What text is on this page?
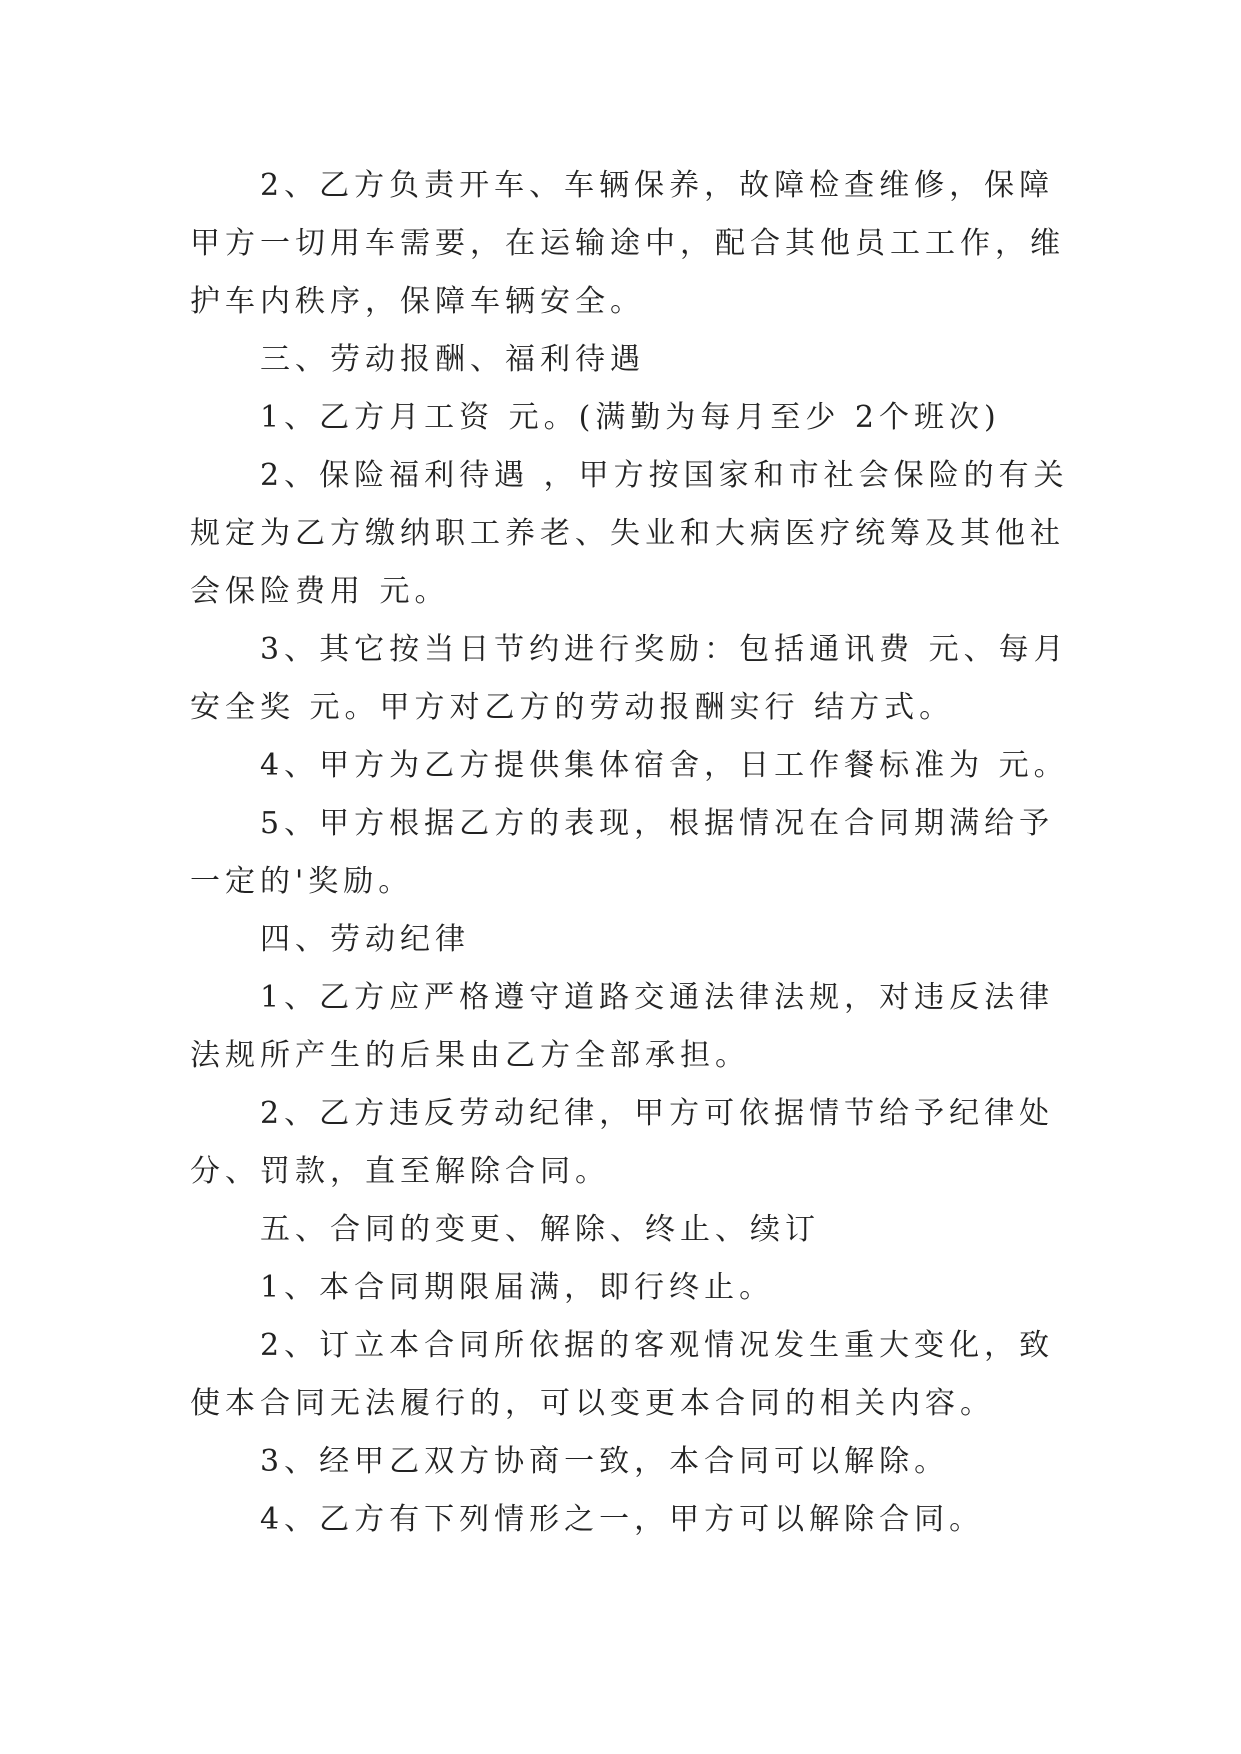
2、乙方负责开车、车辆保养，故障检查维修，保障甲方一切用车需要，在运输途中，配合其他员工工作，维护车内秩序，保障车辆安全。

三、劳动报酬、福利待遇

1、乙方月工资 元。(满勤为每月至少 2个班次)

2、保险福利待遇 ，甲方按国家和市社会保险的有关规定为乙方缴纳职工养老、失业和大病医疗统筹及其他社会保险费用 元。

3、其它按当日节约进行奖励：包括通讯费 元、每月安全奖 元。甲方对乙方的劳动报酬实行 结方式。

4、甲方为乙方提供集体宿舍，日工作餐标准为 元。

5、甲方根据乙方的表现，根据情况在合同期满给予一定的'奖励。

四、劳动纪律

1、乙方应严格遵守道路交通法律法规，对违反法律法规所产生的后果由乙方全部承担。

2、乙方违反劳动纪律，甲方可依据情节给予纪律处分、罚款，直至解除合同。

五、合同的变更、解除、终止、续订

1、本合同期限届满，即行终止。

2、订立本合同所依据的客观情况发生重大变化，致使本合同无法履行的，可以变更本合同的相关内容。

3、经甲乙双方协商一致，本合同可以解除。

4、乙方有下列情形之一，甲方可以解除合同。
